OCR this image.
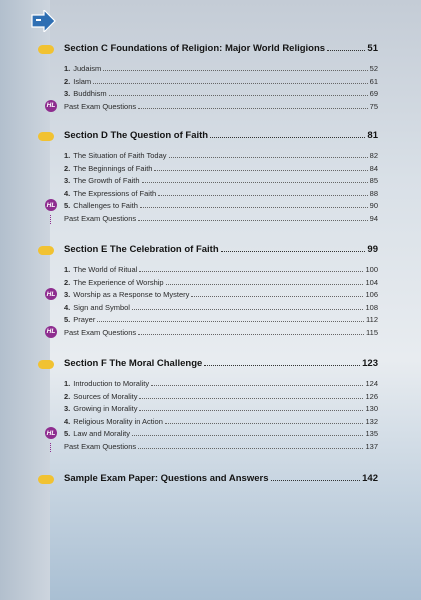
Section C Foundations of Religion: Major World Religions	51
1. Judaism	52
2. Islam	61
3. Buddhism	69
HL Past Exam Questions	75
Section D The Question of Faith	81
1. The Situation of Faith Today	82
2. The Beginnings of Faith	84
3. The Growth of Faith	85
4. The Expressions of Faith	88
HL 5. Challenges to Faith	90
Past Exam Questions	94
Section E The Celebration of Faith	99
1. The World of Ritual	100
2. The Experience of Worship	104
HL 3. Worship as a Response to Mystery	106
4. Sign and Symbol	108
5. Prayer	112
HL Past Exam Questions	115
Section F The Moral Challenge	123
1. Introduction to Morality	124
2. Sources of Morality	126
3. Growing in Morality	130
4. Religious Morality in Action	132
HL 5. Law and Morality	135
Past Exam Questions	137
Sample Exam Paper: Questions and Answers	142
